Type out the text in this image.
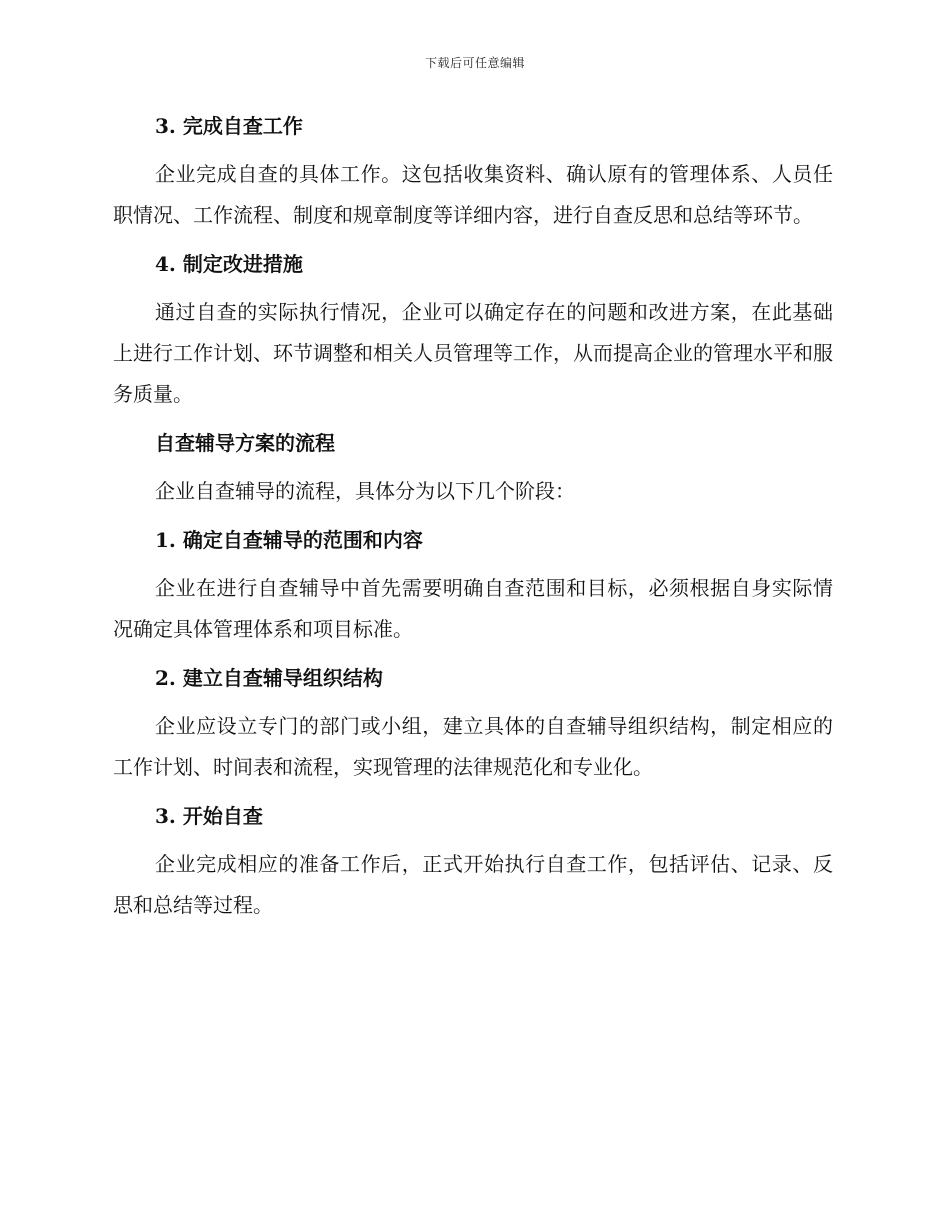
下载后可任意编辑
3. 完成自查工作

企业完成自查的具体工作。这包括收集资料、确认原有的管理体系、人员任职情况、工作流程、制度和规章制度等详细内容，进行自查反思和总结等环节。

4. 制定改进措施

通过自查的实际执行情况，企业可以确定存在的问题和改进方案，在此基础上进行工作计划、环节调整和相关人员管理等工作，从而提高企业的管理水平和服务质量。

自查辅导方案的流程

企业自查辅导的流程，具体分为以下几个阶段：

1. 确定自查辅导的范围和内容

企业在进行自查辅导中首先需要明确自查范围和目标，必须根据自身实际情况确定具体管理体系和项目标准。

2. 建立自查辅导组织结构

企业应设立专门的部门或小组，建立具体的自查辅导组织结构，制定相应的工作计划、时间表和流程，实现管理的法律规范化和专业化。

3. 开始自查

企业完成相应的准备工作后，正式开始执行自查工作，包括评估、记录、反思和总结等过程。
